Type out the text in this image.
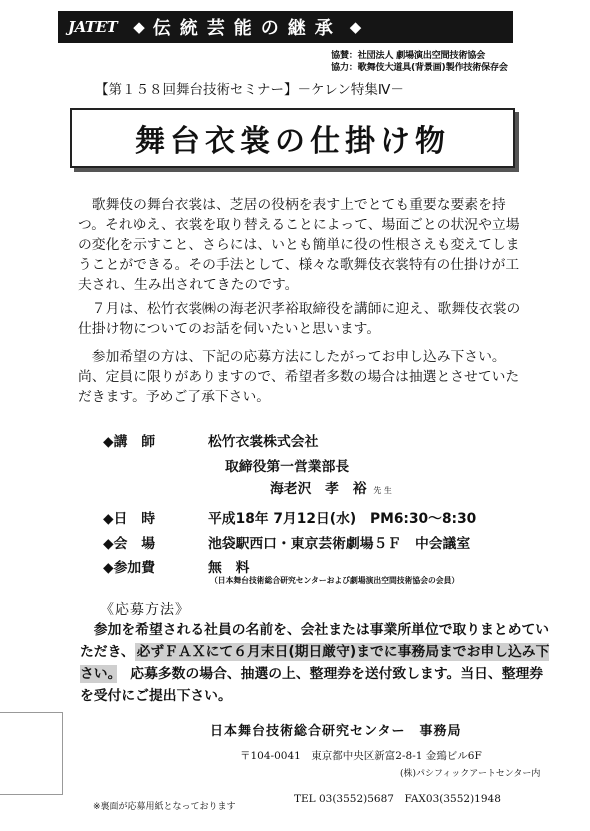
JATET ◆ 伝統芸能の継承 ◆
協賛：社団法人 劇場演出空間技術協会
協力：歌舞伎大道具(背景画)製作技術保存会
【第１５８回舞台技術セミナー】－ケレン特集Ⅳ－
舞台衣裳の仕掛け物
　歌舞伎の舞台衣裳は、芝居の役柄を表す上でとても重要な要素を持つ。それゆえ、衣裳を取り替えることによって、場面ごとの状況や立場の変化を示すこと、さらには、いとも簡単に役の性根さえも変えてしまうことができる。その手法として、様々な歌舞伎衣裳特有の仕掛けが工夫され、生み出されてきたのです。
　７月は、松竹衣裳㈱の海老沢孝裕取締役を講師に迎え、歌舞伎衣裳の仕掛け物についてのお話を伺いたいと思います。
　参加希望の方は、下記の応募方法にしたがってお申し込み下さい。尚、定員に限りがありますので、希望者多数の場合は抽選とさせていただきます。予めご了承下さい。
◆講　師	松竹衣裳株式会社
取締役第一営業部長
海老沢　孝　裕 先 生
◆日　時	平成18年 7月12日(水)　PM6:30～8:30
◆会　場	池袋駅西口・東京芸術劇場５Ｆ　中会議室
◆参加費	無　料
（日本舞台技術総合研究センターおよび劇場演出空間技術協会の会員）
《応募方法》
　参加を希望される社員の名前を、会社または事業所単位で取りまとめていただき、 必ずＦＡＸにて６月末日(期日厳守)までに事務局までお申し込み下さい。　応募多数の場合、抽選の上、整理券を送付致します。当日、整理券を受付にご提出下さい。
日本舞台技術総合研究センター　事務局
〒104-0041　東京都中央区新富2-8-1 金鵄ビル6F
(株)パシフィックアートセンター内
TEL 03(3552)5687　FAX03(3552)1948
※裏面が応募用紙となっております
